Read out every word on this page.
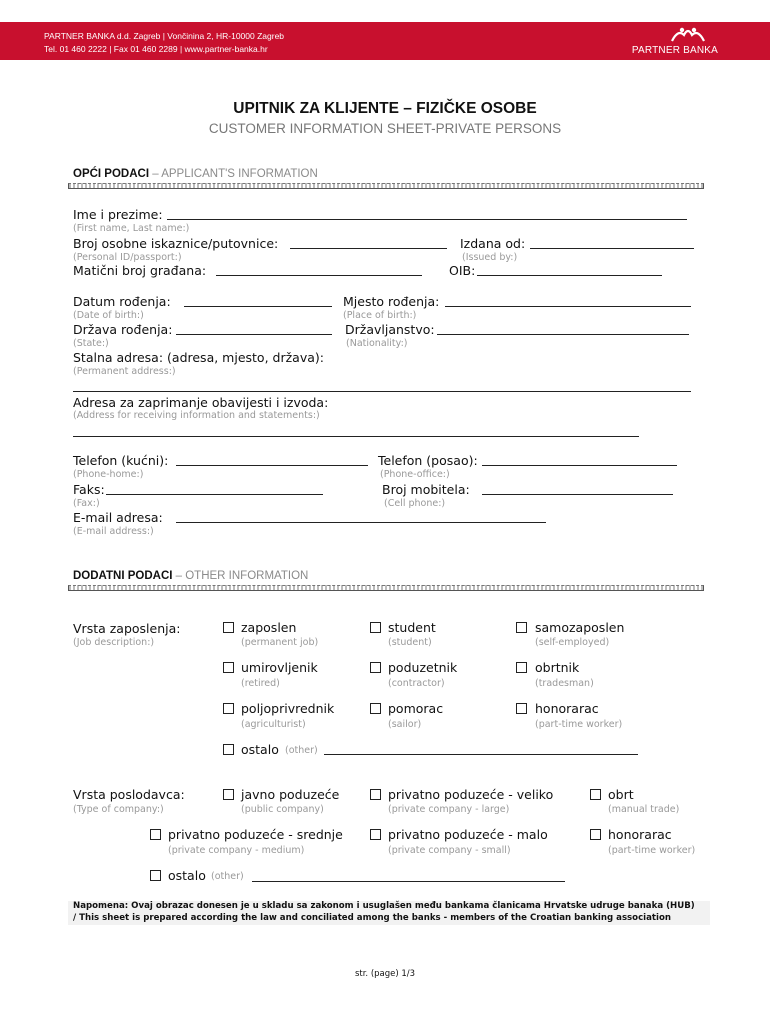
PARTNER BANKA d.d. Zagreb | Vončinina 2, HR-10000 Zagreb
Tel. 01 460 2222 | Fax 01 460 2289 | www.partner-banka.hr	PARTNER BANKA
UPITNIK ZA KLIJENTE – FIZIČKE OSOBE
CUSTOMER INFORMATION SHEET-PRIVATE PERSONS
OPĆI PODACI – APPLICANT'S INFORMATION
Ime i prezime:
(First name, Last name:)
Broj osobne iskaznice/putovnice:	Izdana od:
(Personal ID/passport:)	(Issued by:)
Matični broj građana:	OIB:
Datum rođenja:	Mjesto rođenja:
(Date of birth:)	(Place of birth:)
Država rođenja:	Državljanstvo:
(State:)	(Nationality:)
Stalna adresa: (adresa, mjesto, država):
(Permanent address:)
Adresa za zaprimanje obavijesti i izvoda:
(Address for receiving information and statements:)
Telefon (kućni):	Telefon (posao):
(Phone-home:)	(Phone-office:)
Faks:	Broj mobitela:
(Fax:)	(Cell phone:)
E-mail adresa:
(E-mail address:)
DODATNI PODACI – OTHER INFORMATION
Vrsta zaposlenja:
(Job description:)
zaposlen
(permanent job)
student
(student)
samozaposlen
(self-employed)
umirovljenik
(retired)
poduzetnik
(contractor)
obrtnik
(tradesman)
poljoprivrednik
(agriculturist)
pomorac
(sailor)
honorarac
(part-time worker)
ostalo (other)
Vrsta poslodavca:
(Type of company:)
javno poduzeće
(public company)
privatno poduzeće - veliko
(private company - large)
obrt
(manual trade)
privatno poduzeće - srednje
(private company - medium)
privatno poduzeće - malo
(private company - small)
honorarac
(part-time worker)
ostalo (other)
Napomena: Ovaj obrazac donesen je u skladu sa zakonom i usuglašen među bankama članicama Hrvatske udruge banaka (HUB)
/ This sheet is prepared according the law and conciliated among the banks - members of the Croatian banking association
str. (page) 1/3
